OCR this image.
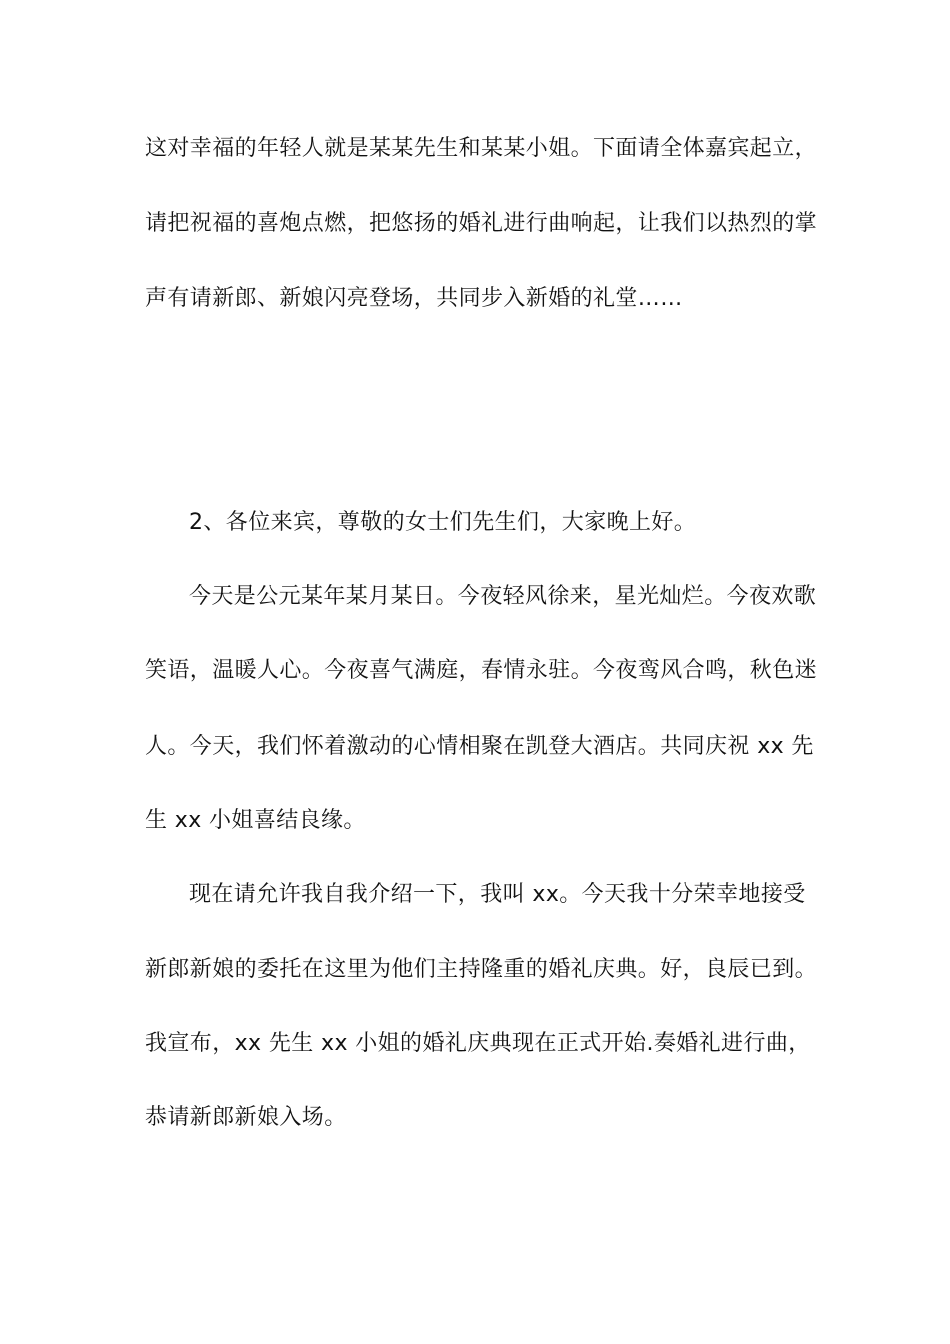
这对幸福的年轻人就是某某先生和某某小姐。下面请全体嘉宾起立，
请把祝福的喜炮点燃，把悠扬的婚礼进行曲响起，让我们以热烈的掌
声有请新郎、新娘闪亮登场，共同步入新婚的礼堂……
2、各位来宾，尊敬的女士们先生们，大家晚上好。
今天是公元某年某月某日。今夜轻风徐来，星光灿烂。今夜欢歌
笑语，温暖人心。今夜喜气满庭，春情永驻。今夜鸾风合鸣，秋色迷
人。今天，我们怀着激动的心情相聚在凯登大酒店。共同庆祝 xx 先
生 xx 小姐喜结良缘。
现在请允许我自我介绍一下，我叫 xx。今天我十分荣幸地接受
新郎新娘的委托在这里为他们主持隆重的婚礼庆典。好，良辰已到。
我宣布，xx 先生 xx 小姐的婚礼庆典现在正式开始.奏婚礼进行曲，
恭请新郎新娘入场。
